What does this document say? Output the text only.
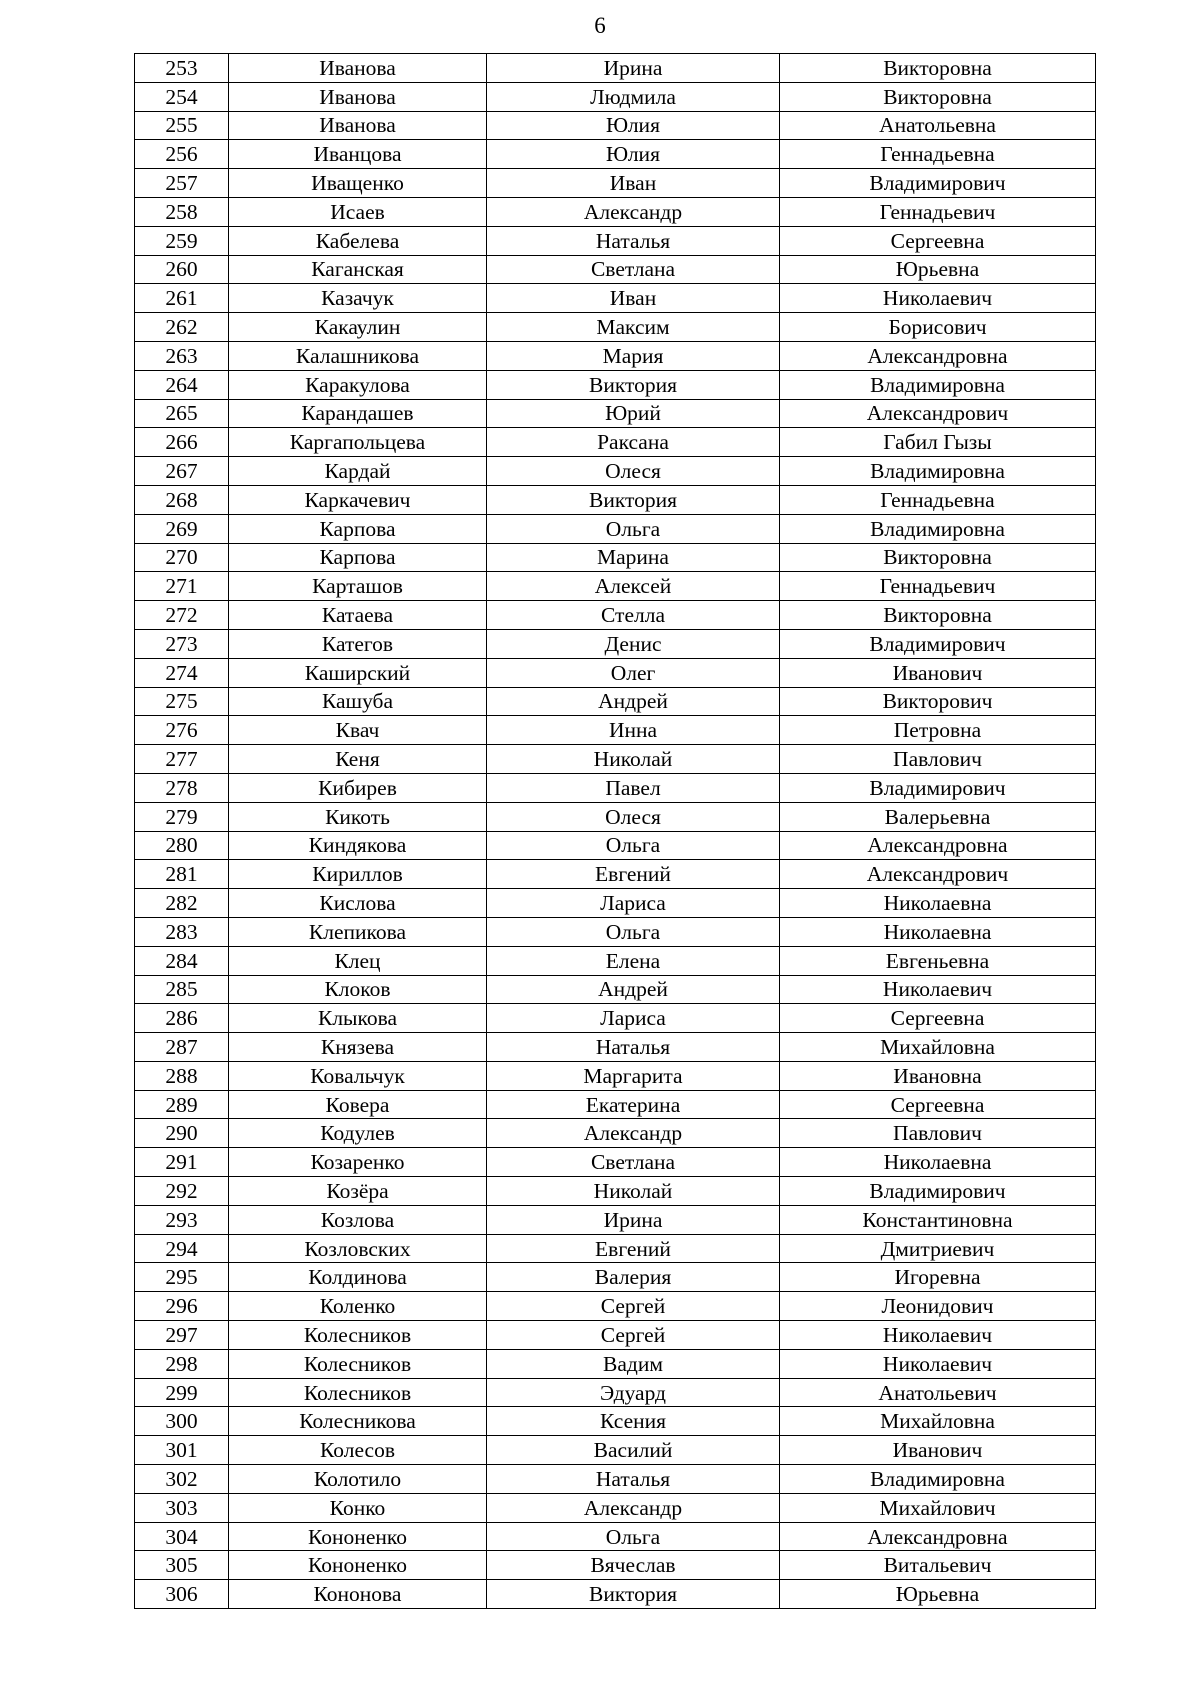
6
253	Иванова	Ирина	Викторовна
254	Иванова	Людмила	Викторовна
255	Иванова	Юлия	Анатольевна
256	Иванцова	Юлия	Геннадьевна
257	Иващенко	Иван	Владимирович
258	Исаев	Александр	Геннадьевич
259	Кабелева	Наталья	Сергеевна
260	Каганская	Светлана	Юрьевна
261	Казачук	Иван	Николаевич
262	Какаулин	Максим	Борисович
263	Калашникова	Мария	Александровна
264	Каракулова	Виктория	Владимировна
265	Карандашев	Юрий	Александрович
266	Каргапольцева	Раксана	Габил Гызы
267	Кардай	Олеся	Владимировна
268	Каркачевич	Виктория	Геннадьевна
269	Карпова	Ольга	Владимировна
270	Карпова	Марина	Викторовна
271	Карташов	Алексей	Геннадьевич
272	Катаева	Стелла	Викторовна
273	Категов	Денис	Владимирович
274	Каширский	Олег	Иванович
275	Кашуба	Андрей	Викторович
276	Квач	Инна	Петровна
277	Кеня	Николай	Павлович
278	Кибирев	Павел	Владимирович
279	Кикоть	Олеся	Валерьевна
280	Киндякова	Ольга	Александровна
281	Кириллов	Евгений	Александрович
282	Кислова	Лариса	Николаевна
283	Клепикова	Ольга	Николаевна
284	Клец	Елена	Евгеньевна
285	Клоков	Андрей	Николаевич
286	Клыкова	Лариса	Сергеевна
287	Князева	Наталья	Михайловна
288	Ковальчук	Маргарита	Ивановна
289	Ковера	Екатерина	Сергеевна
290	Кодулев	Александр	Павлович
291	Козаренко	Светлана	Николаевна
292	Козёра	Николай	Владимирович
293	Козлова	Ирина	Константиновна
294	Козловских	Евгений	Дмитриевич
295	Колдинова	Валерия	Игоревна
296	Коленко	Сергей	Леонидович
297	Колесников	Сергей	Николаевич
298	Колесников	Вадим	Николаевич
299	Колесников	Эдуард	Анатольевич
300	Колесникова	Ксения	Михайловна
301	Колесов	Василий	Иванович
302	Колотило	Наталья	Владимировна
303	Конко	Александр	Михайлович
304	Кононенко	Ольга	Александровна
305	Кононенко	Вячеслав	Витальевич
306	Кононова	Виктория	Юрьевна
